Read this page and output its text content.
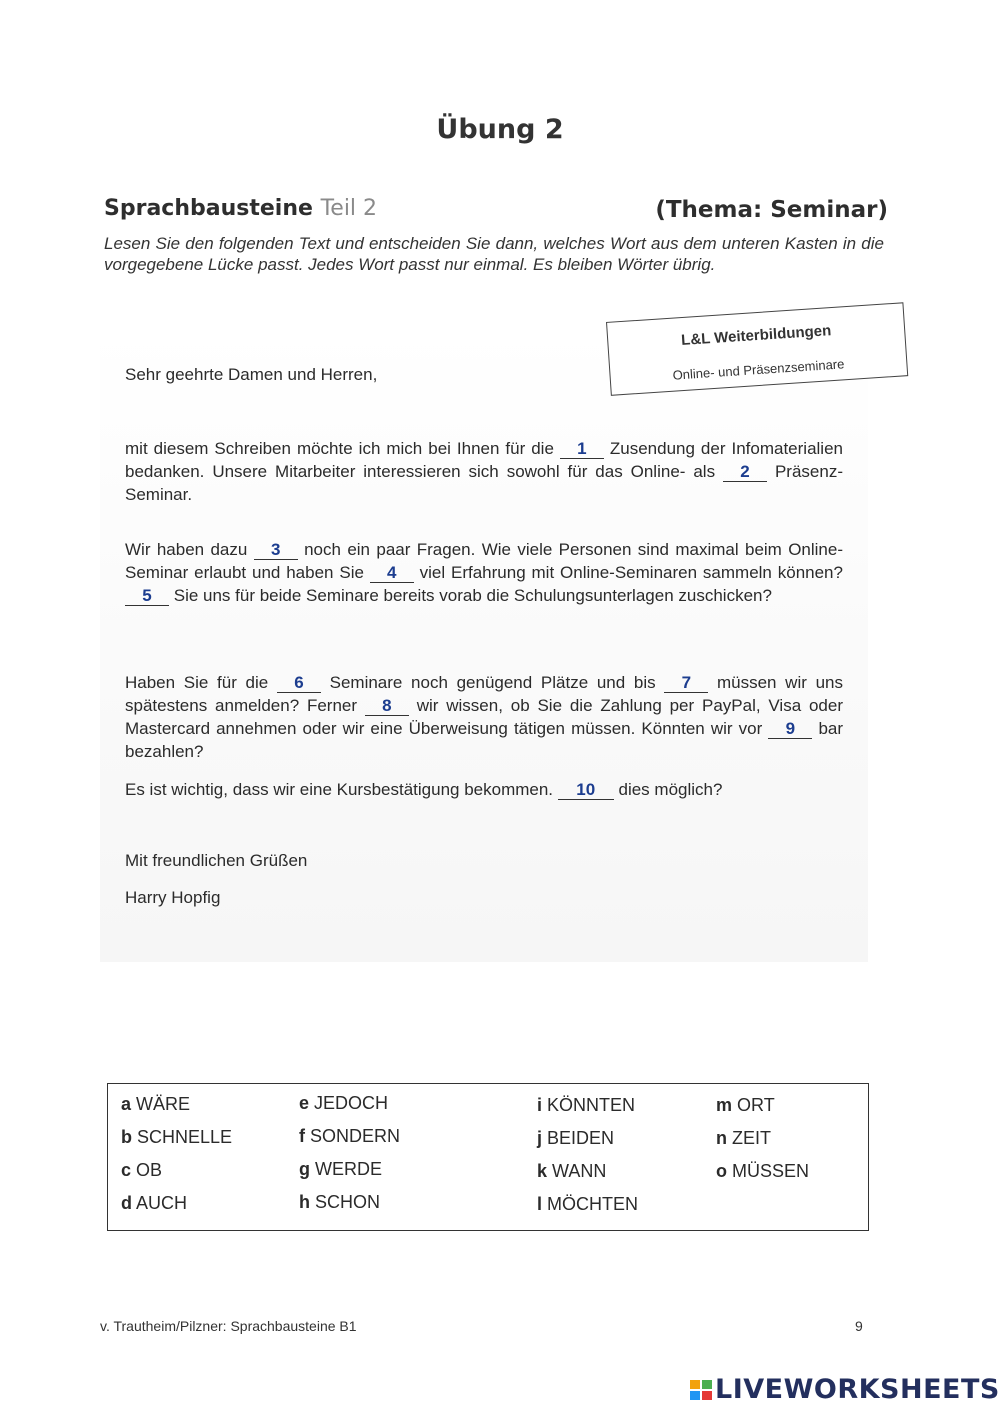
Übung 2
Sprachbausteine Teil 2	(Thema: Seminar)
Lesen Sie den folgenden Text und entscheiden Sie dann, welches Wort aus dem unteren Kasten in die vorgegebene Lücke passt. Jedes Wort passt nur einmal. Es bleiben Wörter übrig.
L&L Weiterbildungen
Online- und Präsenzseminare
Sehr geehrte Damen und Herren,
mit diesem Schreiben möchte ich mich bei Ihnen für die 1 Zusendung der Infomaterialien bedanken. Unsere Mitarbeiter interessieren sich sowohl für das Online- als 2 Präsenz-Seminar.
Wir haben dazu 3 noch ein paar Fragen. Wie viele Personen sind maximal beim Online-Seminar erlaubt und haben Sie 4 viel Erfahrung mit Online-Seminaren sammeln können? 5 Sie uns für beide Seminare bereits vorab die Schulungsunterlagen zuschicken?
Haben Sie für die 6 Seminare noch genügend Plätze und bis 7 müssen wir uns spätestens anmelden? Ferner 8 wir wissen, ob Sie die Zahlung per PayPal, Visa oder Mastercard annehmen oder wir eine Überweisung tätigen müssen. Könnten wir vor 9 bar bezahlen?
Es ist wichtig, dass wir eine Kursbestätigung bekommen. 10 dies möglich?
Mit freundlichen Grüßen
Harry Hopfig
a WÄRE
b SCHNELLE
c OB
d AUCH
e JEDOCH
f SONDERN
g WERDE
h SCHON
i KÖNNTEN
j BEIDEN
k WANN
l MÖCHTEN
m ORT
n ZEIT
o MÜSSEN
v. Trautheim/Pilzner: Sprachbausteine B1	9
LIVEWORKSHEETS
